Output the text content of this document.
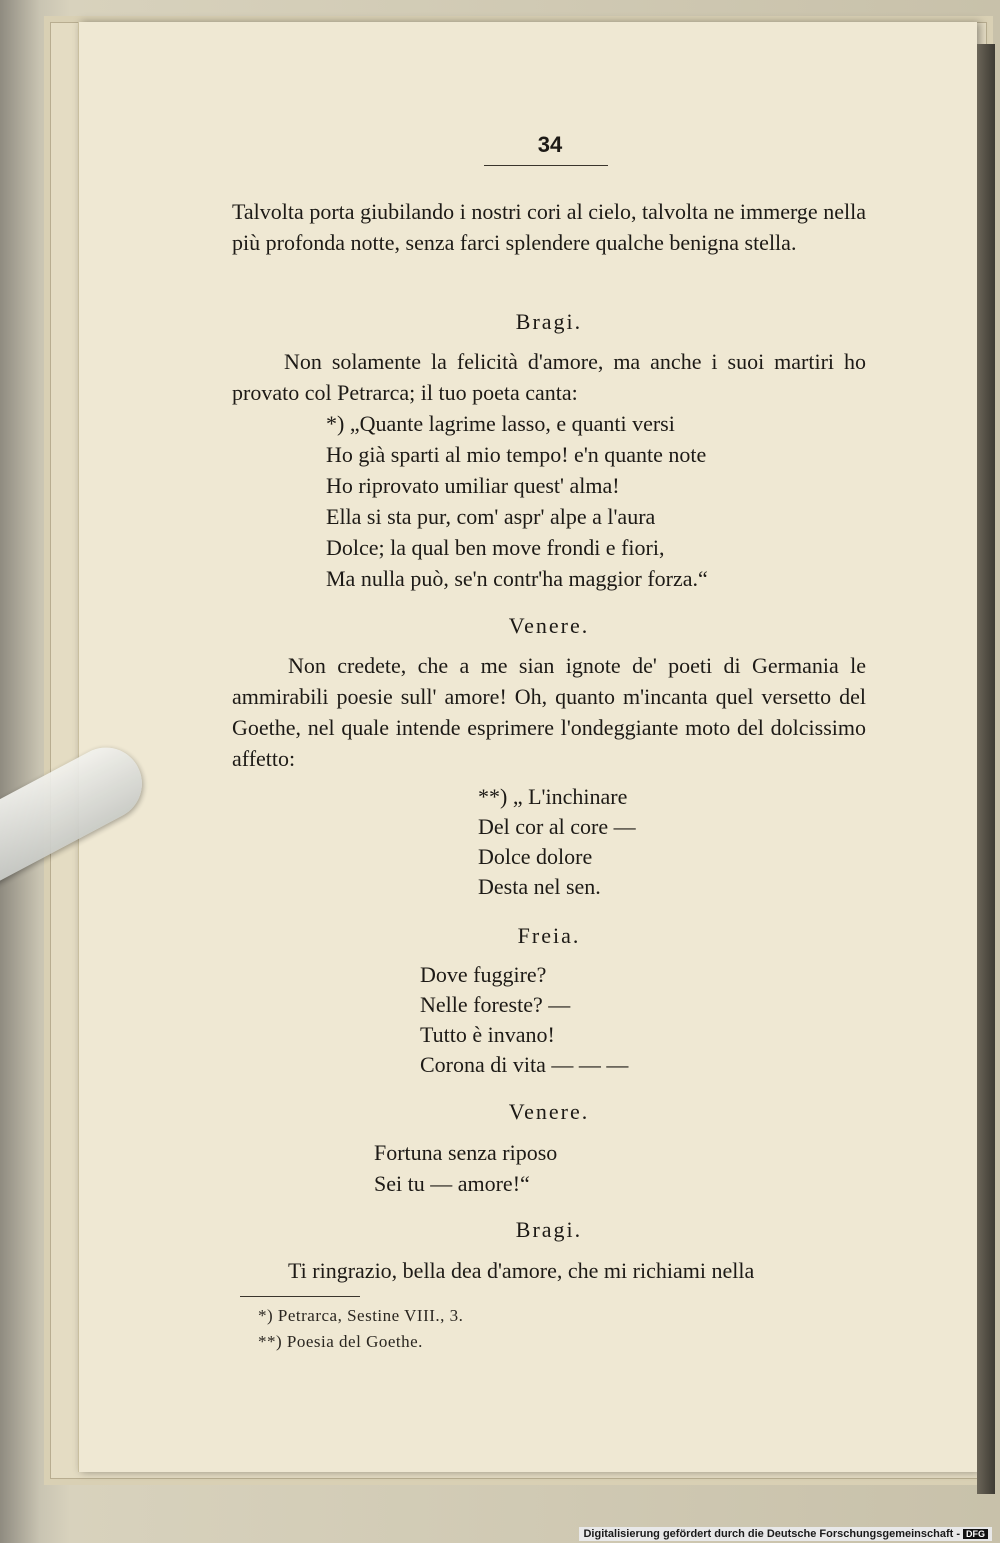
34
Talvolta porta giubilando i nostri cori al cielo, talvolta ne immerge nella più profonda notte, senza farci splendere qualche benigna stella.
Bragi.
Non solamente la felicità d'amore, ma anche i suoi martiri ho provato col Petrarca; il tuo poeta canta:
*) „Quante lagrime lasso, e quanti versi
Ho già sparti al mio tempo! e'n quante note
Ho riprovato umiliar quest' alma!
Ella si sta pur, com' aspr' alpe a l'aura
Dolce; la qual ben move frondi e fiori,
Ma nulla può, se'n contr'ha maggior forza.“
Venere.
Non credete, che a me sian ignote de' poeti di Germania le ammirabili poesie sull' amore! Oh, quanto m'incanta quel versetto del Goethe, nel quale intende esprimere l'ondeggiante moto del dolcissimo affetto:
**) „ L'inchinare
Del cor al core —
Dolce dolore
Desta nel sen.
Freia.
Dove fuggire?
Nelle foreste? —
Tutto è invano!
Corona di vita — — —
Venere.
Fortuna senza riposo
Sei tu — amore!“
Bragi.
Ti ringrazio, bella dea d'amore, che mi richiami nella
*) Petrarca, Sestine VIII., 3.
**) Poesia del Goethe.
Digitalisierung gefördert durch die Deutsche Forschungsgemeinschaft - DFG
